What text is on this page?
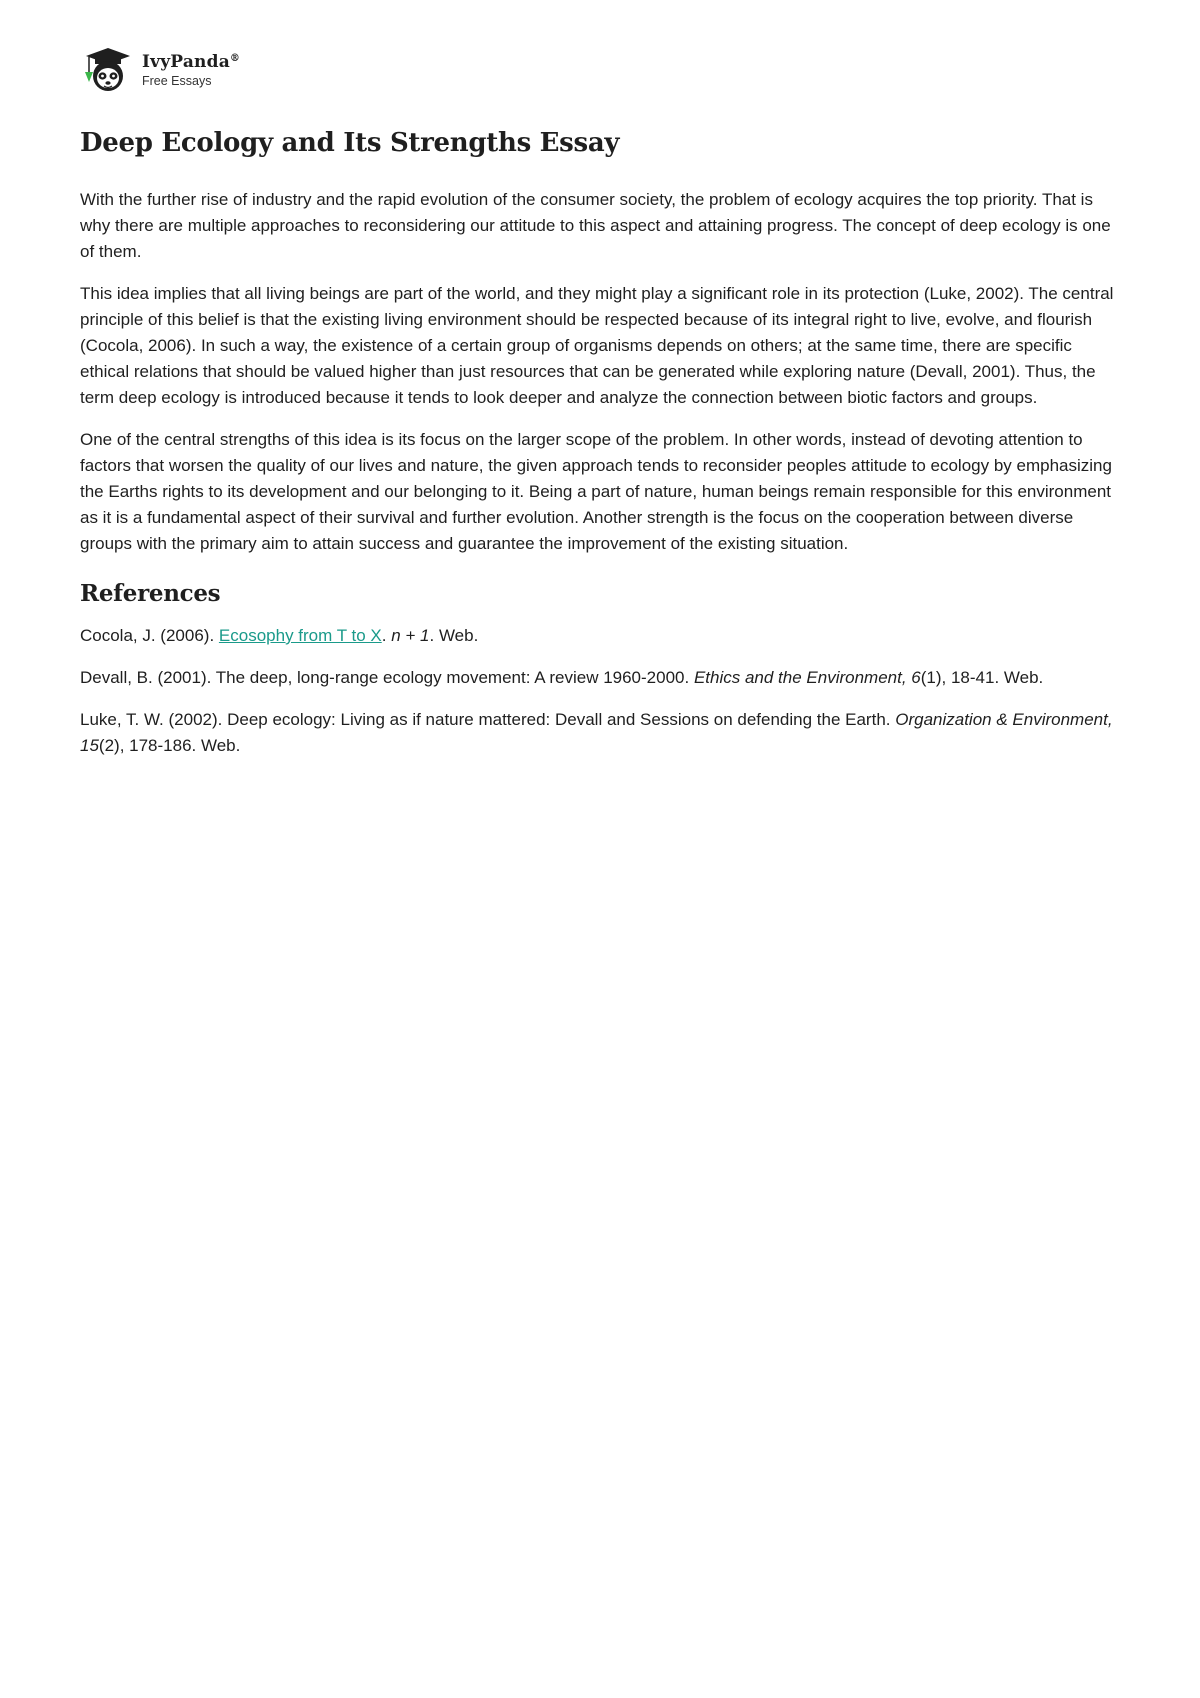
IvyPanda®
Free Essays
Deep Ecology and Its Strengths Essay

With the further rise of industry and the rapid evolution of the consumer society, the problem of ecology acquires the top priority. That is why there are multiple approaches to reconsidering our attitude to this aspect and attaining progress. The concept of deep ecology is one of them.

This idea implies that all living beings are part of the world, and they might play a significant role in its protection (Luke, 2002). The central principle of this belief is that the existing living environment should be respected because of its integral right to live, evolve, and flourish (Cocola, 2006). In such a way, the existence of a certain group of organisms depends on others; at the same time, there are specific ethical relations that should be valued higher than just resources that can be generated while exploring nature (Devall, 2001). Thus, the term deep ecology is introduced because it tends to look deeper and analyze the connection between biotic factors and groups.

One of the central strengths of this idea is its focus on the larger scope of the problem. In other words, instead of devoting attention to factors that worsen the quality of our lives and nature, the given approach tends to reconsider peoples attitude to ecology by emphasizing the Earths rights to its development and our belonging to it. Being a part of nature, human beings remain responsible for this environment as it is a fundamental aspect of their survival and further evolution. Another strength is the focus on the cooperation between diverse groups with the primary aim to attain success and guarantee the improvement of the existing situation.

References

Cocola, J. (2006). Ecosophy from T to X. n + 1. Web.

Devall, B. (2001). The deep, long-range ecology movement: A review 1960-2000. Ethics and the Environment, 6(1), 18-41. Web.

Luke, T. W. (2002). Deep ecology: Living as if nature mattered: Devall and Sessions on defending the Earth. Organization & Environment, 15(2), 178-186. Web.
